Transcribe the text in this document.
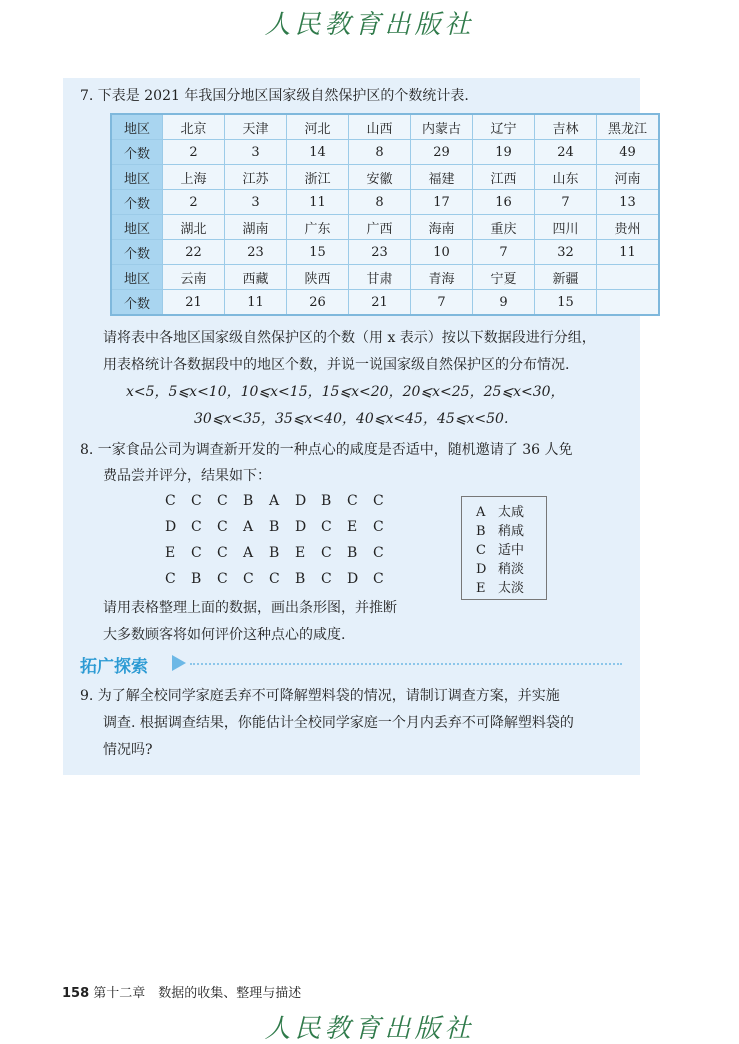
人民教育出版社
7. 下表是 2021 年我国分地区国家级自然保护区的个数统计表.
地区	北京	天津	河北	山西	内蒙古	辽宁	吉林	黑龙江
个数	2	3	14	8	29	19	24	49
地区	上海	江苏	浙江	安徽	福建	江西	山东	河南
个数	2	3	11	8	17	16	7	13
地区	湖北	湖南	广东	广西	海南	重庆	四川	贵州
个数	22	23	15	23	10	7	32	11
地区	云南	西藏	陕西	甘肃	青海	宁夏	新疆	
个数	21	11	26	21	7	9	15	
请将表中各地区国家级自然保护区的个数（用 x 表示）按以下数据段进行分组，
用表格统计各数据段中的地区个数，并说一说国家级自然保护区的分布情况.
x<5，5⩽x<10，10⩽x<15，15⩽x<20，20⩽x<25，25⩽x<30，
30⩽x<35，35⩽x<40，40⩽x<45，45⩽x<50.
8. 一家食品公司为调查新开发的一种点心的咸度是否适中，随机邀请了 36 人免
费品尝并评分，结果如下：
C C C B A D B C C
D C C A B D C E C
E C C A B E C B C
C B C C C B C D C
A 太咸
B 稍咸
C 适中
D 稍淡
E 太淡
请用表格整理上面的数据，画出条形图，并推断
大多数顾客将如何评价这种点心的咸度.
拓广探索
9. 为了解全校同学家庭丢弃不可降解塑料袋的情况，请制订调查方案，并实施
调查. 根据调查结果，你能估计全校同学家庭一个月内丢弃不可降解塑料袋的
情况吗?
158 第十二章　数据的收集、整理与描述
人民教育出版社
